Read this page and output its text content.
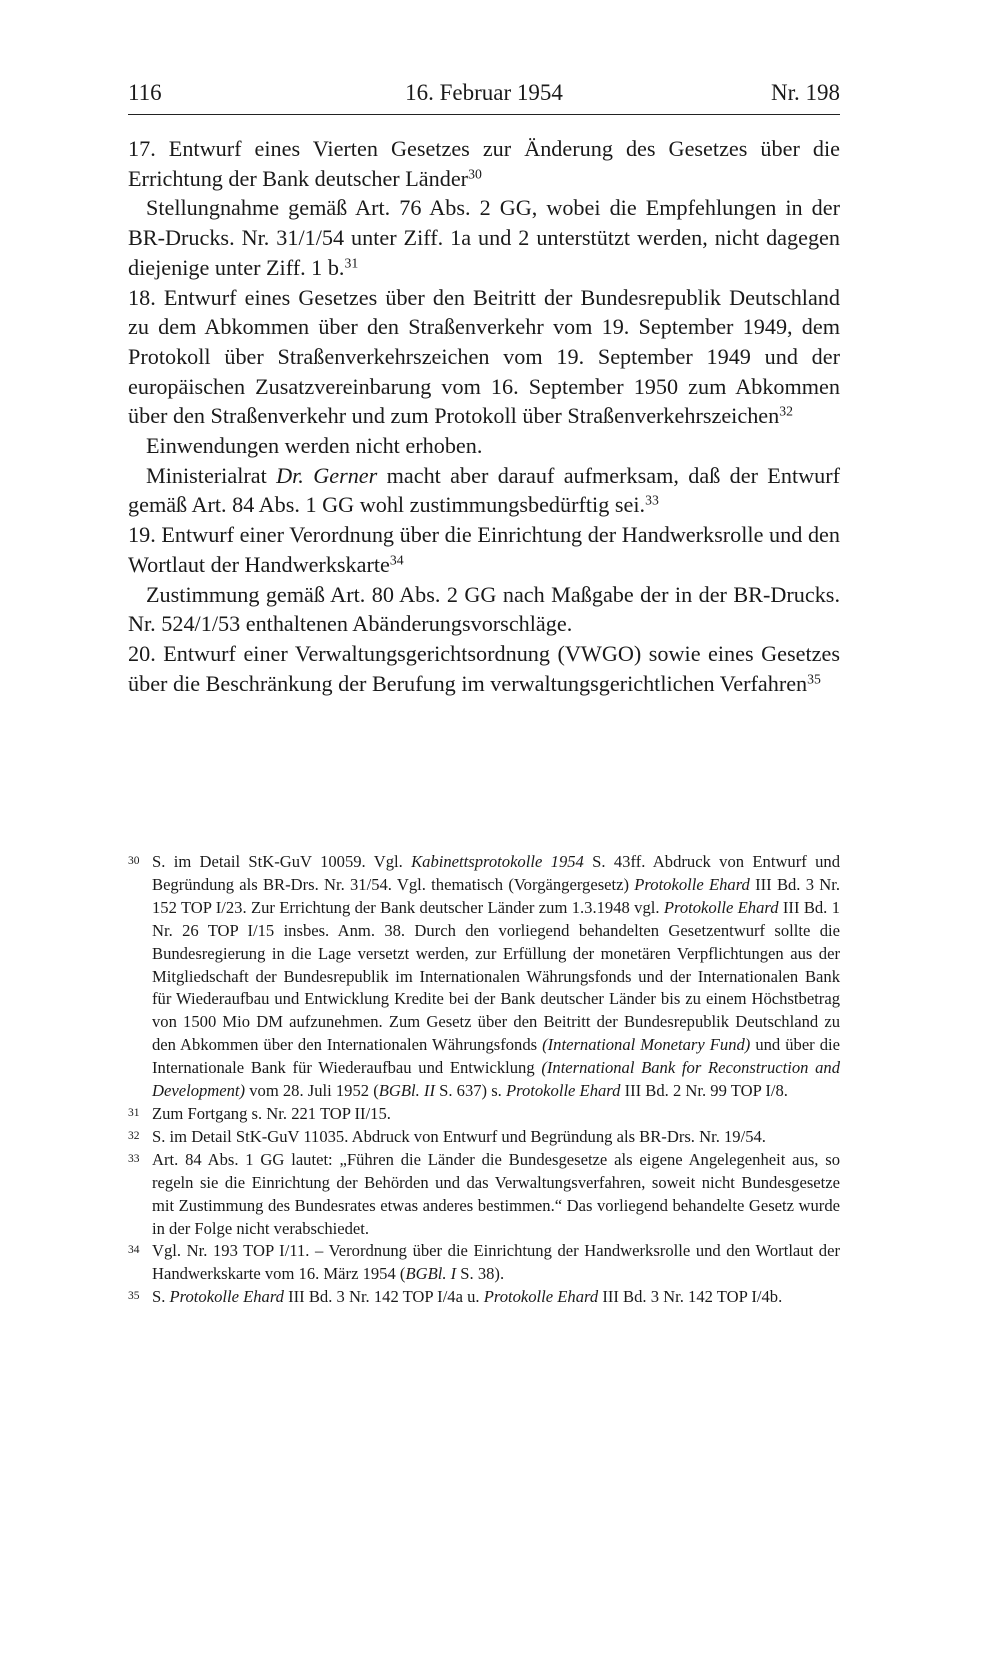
116	16. Februar 1954	Nr. 198

17. Entwurf eines Vierten Gesetzes zur Änderung des Gesetzes über die Errichtung der Bank deutscher Länder$^{30}$

Stellungnahme gemäß Art. 76 Abs. 2 GG, wobei die Empfehlungen in der BR-Drucks. Nr. 31/1/54 unter Ziff. 1a und 2 unterstützt werden, nicht dagegen diejenige unter Ziff. 1 b.$^{31}$

18. Entwurf eines Gesetzes über den Beitritt der Bundesrepublik Deutschland zu dem Abkommen über den Straßenverkehr vom 19. September 1949, dem Protokoll über Straßenverkehrszeichen vom 19. September 1949 und der europäischen Zusatzvereinbarung vom 16. September 1950 zum Abkommen über den Straßenverkehr und zum Protokoll über Straßenverkehrszeichen$^{32}$

Einwendungen werden nicht erhoben.

Ministerialrat Dr. Gerner macht aber darauf aufmerksam, daß der Entwurf gemäß Art. 84 Abs. 1 GG wohl zustimmungsbedürftig sei.$^{33}$

19. Entwurf einer Verordnung über die Einrichtung der Handwerksrolle und den Wortlaut der Handwerkskarte$^{34}$

Zustimmung gemäß Art. 80 Abs. 2 GG nach Maßgabe der in der BR-Drucks. Nr. 524/1/53 enthaltenen Abänderungsvorschläge.

20. Entwurf einer Verwaltungsgerichtsordnung (VWGO) sowie eines Gesetzes über die Beschränkung der Berufung im verwaltungsgerichtlichen Verfahren$^{35}$

30 S. im Detail StK-GuV 10059. Vgl. Kabinettsprotokolle 1954 S. 43ff. Abdruck von Entwurf und Begründung als BR-Drs. Nr. 31/54. Vgl. thematisch (Vorgängergesetz) Protokolle Ehard III Bd. 3 Nr. 152 TOP I/23. Zur Errichtung der Bank deutscher Länder zum 1.3.1948 vgl. Protokolle Ehard III Bd. 1 Nr. 26 TOP I/15 insbes. Anm. 38. Durch den vorliegend behandelten Gesetzentwurf sollte die Bundesregierung in die Lage versetzt werden, zur Erfüllung der monetären Verpflichtungen aus der Mitgliedschaft der Bundesrepublik im Internationalen Währungsfonds und der Internationalen Bank für Wiederaufbau und Entwicklung Kredite bei der Bank deutscher Länder bis zu einem Höchstbetrag von 1500 Mio DM aufzunehmen. Zum Gesetz über den Beitritt der Bundesrepublik Deutschland zu den Abkommen über den Internationalen Währungsfonds (International Monetary Fund) und über die Internationale Bank für Wiederaufbau und Entwicklung (International Bank for Reconstruction and Development) vom 28. Juli 1952 (BGBl. II S. 637) s. Protokolle Ehard III Bd. 2 Nr. 99 TOP I/8.

31 Zum Fortgang s. Nr. 221 TOP II/15.

32 S. im Detail StK-GuV 11035. Abdruck von Entwurf und Begründung als BR-Drs. Nr. 19/54.

33 Art. 84 Abs. 1 GG lautet: „Führen die Länder die Bundesgesetze als eigene Angelegenheit aus, so regeln sie die Einrichtung der Behörden und das Verwaltungsverfahren, soweit nicht Bundesgesetze mit Zustimmung des Bundesrates etwas anderes bestimmen.“ Das vorliegend behandelte Gesetz wurde in der Folge nicht verabschiedet.

34 Vgl. Nr. 193 TOP I/11. – Verordnung über die Einrichtung der Handwerksrolle und den Wortlaut der Handwerkskarte vom 16. März 1954 (BGBl. I S. 38).

35 S. Protokolle Ehard III Bd. 3 Nr. 142 TOP I/4a u. Protokolle Ehard III Bd. 3 Nr. 142 TOP I/4b.
